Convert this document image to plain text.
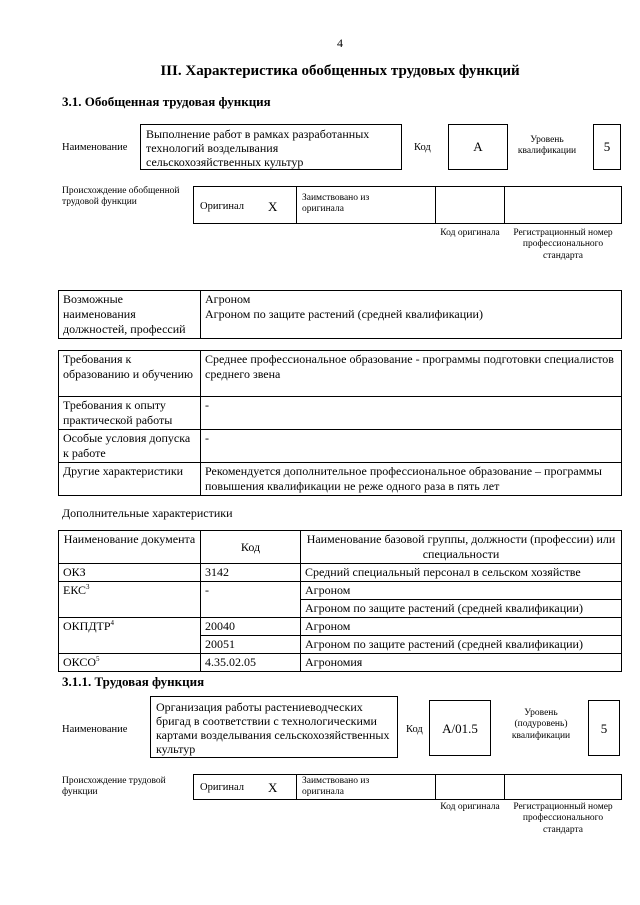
4
III. Характеристика обобщенных трудовых функций
3.1. Обобщенная трудовая функция
Наименование
Выполнение работ в рамках разработанных технологий возделывания сельскохозяйственных культур
Код	A	Уровень квалификации	5
Происхождение обобщенной трудовой функции	Оригинал X
Заимствовано из оригинала
Код оригинала	Регистрационный номер профессионального стандарта
Возможные наименования должностей, профессий	
Агроном
Агроном по защите растений (средней квалификации)
Требования к образованию и обучению	Среднее профессиональное образование - программы подготовки специалистов среднего звена
Требования к опыту практической работы	-
Особые условия допуска к работе	-
Другие характеристики	Рекомендуется дополнительное профессиональное образование – программы повышения квалификации не реже одного раза в пять лет
Дополнительные характеристики
Наименование документа	Код	Наименование базовой группы, должности (профессии) или специальности
ОКЗ	3142	Средний специальный персонал в сельском хозяйстве
ЕКС$^3$	-	Агроном
		Агроном по защите растений (средней квалификации)
ОКПДТР$^4$	20040	Агроном
	20051	Агроном по защите растений (средней квалификации)
ОКСО$^5$	4.35.02.05	Агрономия
3.1.1. Трудовая функция
Наименование
Организация работы растениеводческих бригад в соответствии с технологическими картами возделывания сельскохозяйственных культур
Код	A/01.5
Уровень (подуровень) квалификации	5
Происхождение трудовой функции	Оригинал X	Заимствовано из оригинала
Код оригинала	Регистрационный номер профессионального стандарта
